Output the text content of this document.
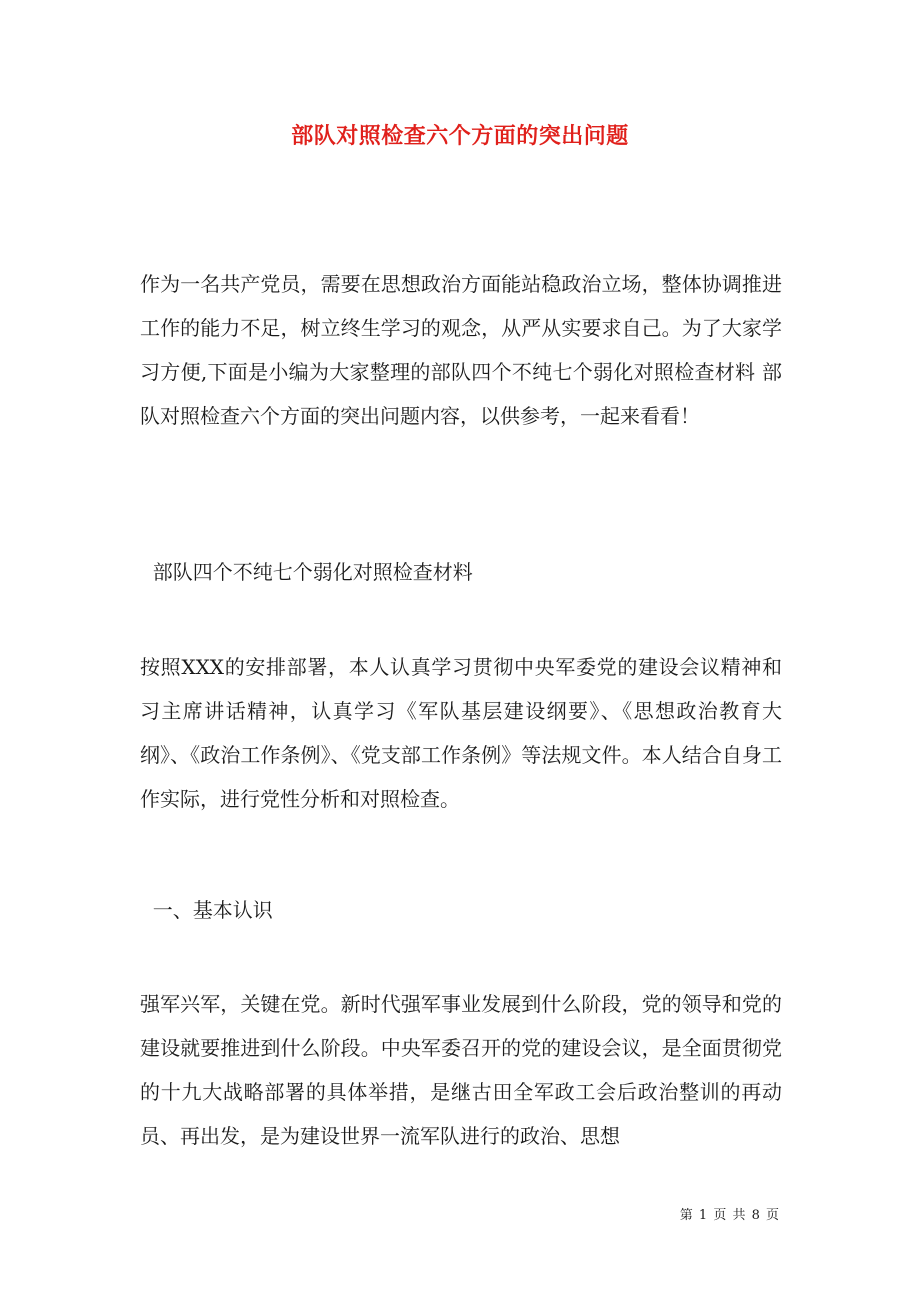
部队对照检查六个方面的突出问题

作为一名共产党员，需要在思想政治方面能站稳政治立场，整体协调推进工作的能力不足，树立终生学习的观念，从严从实要求自己。为了大家学习方便,下面是小编为大家整理的部队四个不纯七个弱化对照检查材料 部队对照检查六个方面的突出问题内容，以供参考，一起来看看！

部队四个不纯七个弱化对照检查材料

按照XXX的安排部署，本人认真学习贯彻中央军委党的建设会议精神和习主席讲话精神，认真学习《军队基层建设纲要》、《思想政治教育大纲》、《政治工作条例》、《党支部工作条例》等法规文件。本人结合自身工作实际，进行党性分析和对照检查。

一、基本认识

强军兴军，关键在党。新时代强军事业发展到什么阶段，党的领导和党的建设就要推进到什么阶段。中央军委召开的党的建设会议，是全面贯彻党的十九大战略部署的具体举措，是继古田全军政工会后政治整训的再动员、再出发，是为建设世界一流军队进行的政治、思想

第 1 页 共 8 页
